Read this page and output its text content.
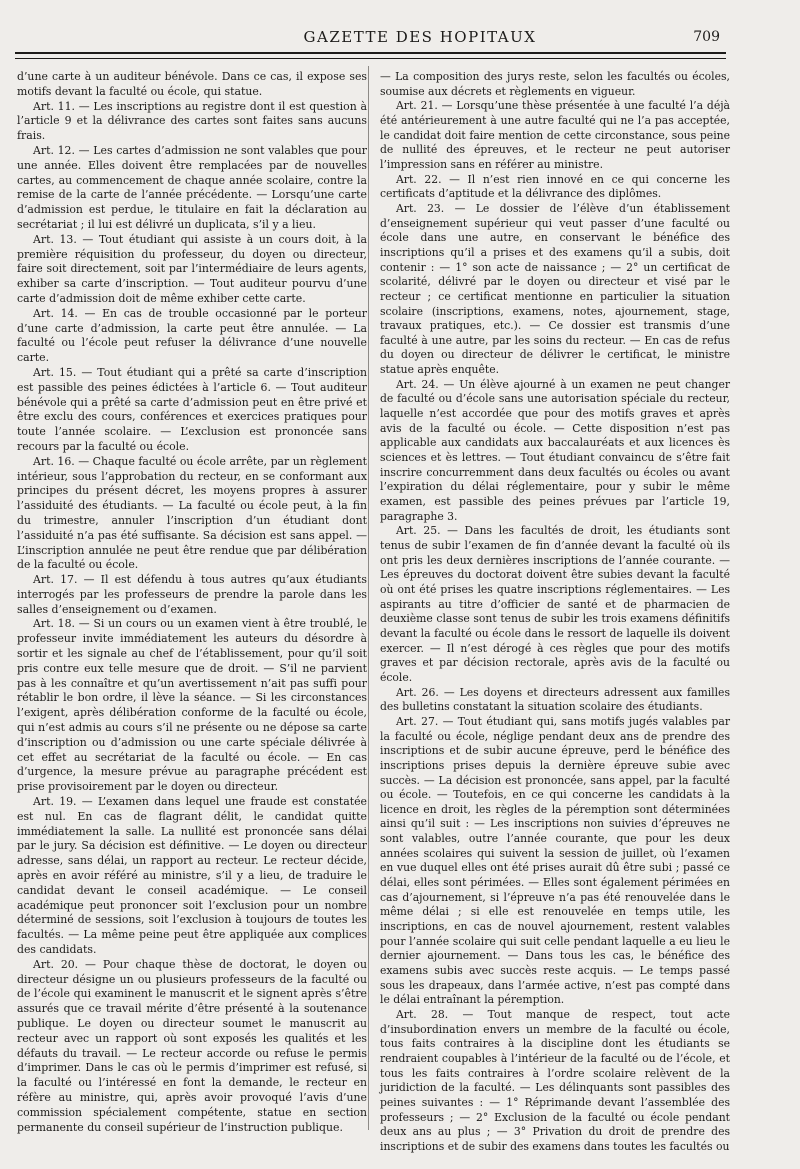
GAZETTE DES HOPITAUX	709

d’une carte à un auditeur bénévole. Dans ce cas, il expose ses motifs devant la faculté ou école, qui statue.

Art. 11. — Les inscriptions au registre dont il est question à l’article 9 et la délivrance des cartes sont faites sans aucuns frais.

Art. 12. — Les cartes d’admission ne sont valables que pour une année. Elles doivent être remplacées par de nouvelles cartes, au commencement de chaque année scolaire, contre la remise de la carte de l’année précédente. — Lorsqu’une carte d’admission est perdue, le titulaire en fait la déclaration au secrétariat ; il lui est délivré un duplicata, s’il y a lieu.

Art. 13. — Tout étudiant qui assiste à un cours doit, à la première réquisition du professeur, du doyen ou directeur, faire soit directement, soit par l’intermédiaire de leurs agents, exhiber sa carte d’inscription. — Tout auditeur pourvu d’une carte d’admission doit de même exhiber cette carte.

Art. 14. — En cas de trouble occasionné par le porteur d’une carte d’admission, la carte peut être annulée. — La faculté ou l’école peut refuser la délivrance d’une nouvelle carte.

Art. 15. — Tout étudiant qui a prêté sa carte d’inscription est passible des peines édictées à l’article 6. — Tout auditeur bénévole qui a prêté sa carte d’admission peut en être privé et être exclu des cours, conférences et exercices pratiques pour toute l’année scolaire. — L’exclusion est prononcée sans recours par la faculté ou école.

Art. 16. — Chaque faculté ou école arrête, par un règlement intérieur, sous l’approbation du recteur, en se conformant aux principes du présent décret, les moyens propres à assurer l’assiduité des étudiants. — La faculté ou école peut, à la fin du trimestre, annuler l’inscription d’un étudiant dont l’assiduité n’a pas été suffisante. Sa décision est sans appel. — L’inscription annulée ne peut être rendue que par délibération de la faculté ou école.

Art. 17. — Il est défendu à tous autres qu’aux étudiants interrogés par les professeurs de prendre la parole dans les salles d’enseignement ou d’examen.

Art. 18. — Si un cours ou un examen vient à être troublé, le professeur invite immédiatement les auteurs du désordre à sortir et les signale au chef de l’établissement, pour qu’il soit pris contre eux telle mesure que de droit. — S’il ne parvient pas à les connaître et qu’un avertissement n’ait pas suffi pour rétablir le bon ordre, il lève la séance. — Si les circonstances l’exigent, après délibération conforme de la faculté ou école, qui n’est admis au cours s’il ne présente ou ne dépose sa carte d’inscription ou d’admission ou une carte spéciale délivrée à cet effet au secrétariat de la faculté ou école. — En cas d’urgence, la mesure prévue au paragraphe précédent est prise provisoirement par le doyen ou directeur.

Art. 19. — L’examen dans lequel une fraude est constatée est nul. En cas de flagrant délit, le candidat quitte immédiatement la salle. La nullité est prononcée sans délai par le jury. Sa décision est définitive. — Le doyen ou directeur adresse, sans délai, un rapport au recteur. Le recteur décide, après en avoir référé au ministre, s’il y a lieu, de traduire le candidat devant le conseil académique. — Le conseil académique peut prononcer soit l’exclusion pour un nombre déterminé de sessions, soit l’exclusion à toujours de toutes les facultés. — La même peine peut être appliquée aux complices des candidats.

Art. 20. — Pour chaque thèse de doctorat, le doyen ou directeur désigne un ou plusieurs professeurs de la faculté ou de l’école qui examinent le manuscrit et le signent après s’être assurés que ce travail mérite d’être présenté à la soutenance publique. Le doyen ou directeur soumet le manuscrit au recteur avec un rapport où sont exposés les qualités et les défauts du travail. — Le recteur accorde ou refuse le permis d’imprimer. Dans le cas où le permis d’imprimer est refusé, si la faculté ou l’intéressé en font la demande, le recteur en réfère au ministre, qui, après avoir provoqué l’avis d’une commission spécialement compétente, statue en section permanente du conseil supérieur de l’instruction publique.

— La composition des jurys reste, selon les facultés ou écoles, soumise aux décrets et règlements en vigueur.

Art. 21. — Lorsqu’une thèse présentée à une faculté l’a déjà été antérieurement à une autre faculté qui ne l’a pas acceptée, le candidat doit faire mention de cette circonstance, sous peine de nullité des épreuves, et le recteur ne peut autoriser l’impression sans en référer au ministre.

Art. 22. — Il n’est rien innové en ce qui concerne les certificats d’aptitude et la délivrance des diplômes.

Art. 23. — Le dossier de l’élève d’un établissement d’enseignement supérieur qui veut passer d’une faculté ou école dans une autre, en conservant le bénéfice des inscriptions qu’il a prises et des examens qu’il a subis, doit contenir : — 1° son acte de naissance ; — 2° un certificat de scolarité, délivré par le doyen ou directeur et visé par le recteur ; ce certificat mentionne en particulier la situation scolaire (inscriptions, examens, notes, ajournement, stage, travaux pratiques, etc.). — Ce dossier est transmis d’une faculté à une autre, par les soins du recteur. — En cas de refus du doyen ou directeur de délivrer le certificat, le ministre statue après enquête.

Art. 24. — Un élève ajourné à un examen ne peut changer de faculté ou d’école sans une autorisation spéciale du recteur, laquelle n’est accordée que pour des motifs graves et après avis de la faculté ou école. — Cette disposition n’est pas applicable aux candidats aux baccalauréats et aux licences ès sciences et ès lettres. — Tout étudiant convaincu de s’être fait inscrire concurremment dans deux facultés ou écoles ou avant l’expiration du délai réglementaire, pour y subir le même examen, est passible des peines prévues par l’article 19, paragraphe 3.

Art. 25. — Dans les facultés de droit, les étudiants sont tenus de subir l’examen de fin d’année devant la faculté où ils ont pris les deux dernières inscriptions de l’année courante. — Les épreuves du doctorat doivent être subies devant la faculté où ont été prises les quatre inscriptions réglementaires. — Les aspirants au titre d’officier de santé et de pharmacien de deuxième classe sont tenus de subir les trois examens définitifs devant la faculté ou école dans le ressort de laquelle ils doivent exercer. — Il n’est dérogé à ces règles que pour des motifs graves et par décision rectorale, après avis de la faculté ou école.

Art. 26. — Les doyens et directeurs adressent aux familles des bulletins constatant la situation scolaire des étudiants.

Art. 27. — Tout étudiant qui, sans motifs jugés valables par la faculté ou école, néglige pendant deux ans de prendre des inscriptions et de subir aucune épreuve, perd le bénéfice des inscriptions prises depuis la dernière épreuve subie avec succès. — La décision est prononcée, sans appel, par la faculté ou école. — Toutefois, en ce qui concerne les candidats à la licence en droit, les règles de la péremption sont déterminées ainsi qu’il suit : — Les inscriptions non suivies d’épreuves ne sont valables, outre l’année courante, que pour les deux années scolaires qui suivent la session de juillet, où l’examen en vue duquel elles ont été prises aurait dû être subi ; passé ce délai, elles sont périmées. — Elles sont également périmées en cas d’ajournement, si l’épreuve n’a pas été renouvelée dans le même délai ; si elle est renouvelée en temps utile, les inscriptions, en cas de nouvel ajournement, restent valables pour l’année scolaire qui suit celle pendant laquelle a eu lieu le dernier ajournement. — Dans tous les cas, le bénéfice des examens subis avec succès reste acquis. — Le temps passé sous les drapeaux, dans l’armée active, n’est pas compté dans le délai entraînant la péremption.

Art. 28. — Tout manque de respect, tout acte d’insubordination envers un membre de la faculté ou école, tous faits contraires à la discipline dont les étudiants se rendraient coupables à l’intérieur de la faculté ou de l’école, et tous les faits contraires à l’ordre scolaire relèvent de la juridiction de la faculté. — Les délinquants sont passibles des peines suivantes : — 1° Réprimande devant l’assemblée des professeurs ; — 2° Exclusion de la faculté ou école pendant deux ans au plus ; — 3° Privation du droit de prendre des inscriptions et de subir des examens dans toutes les facultés ou
